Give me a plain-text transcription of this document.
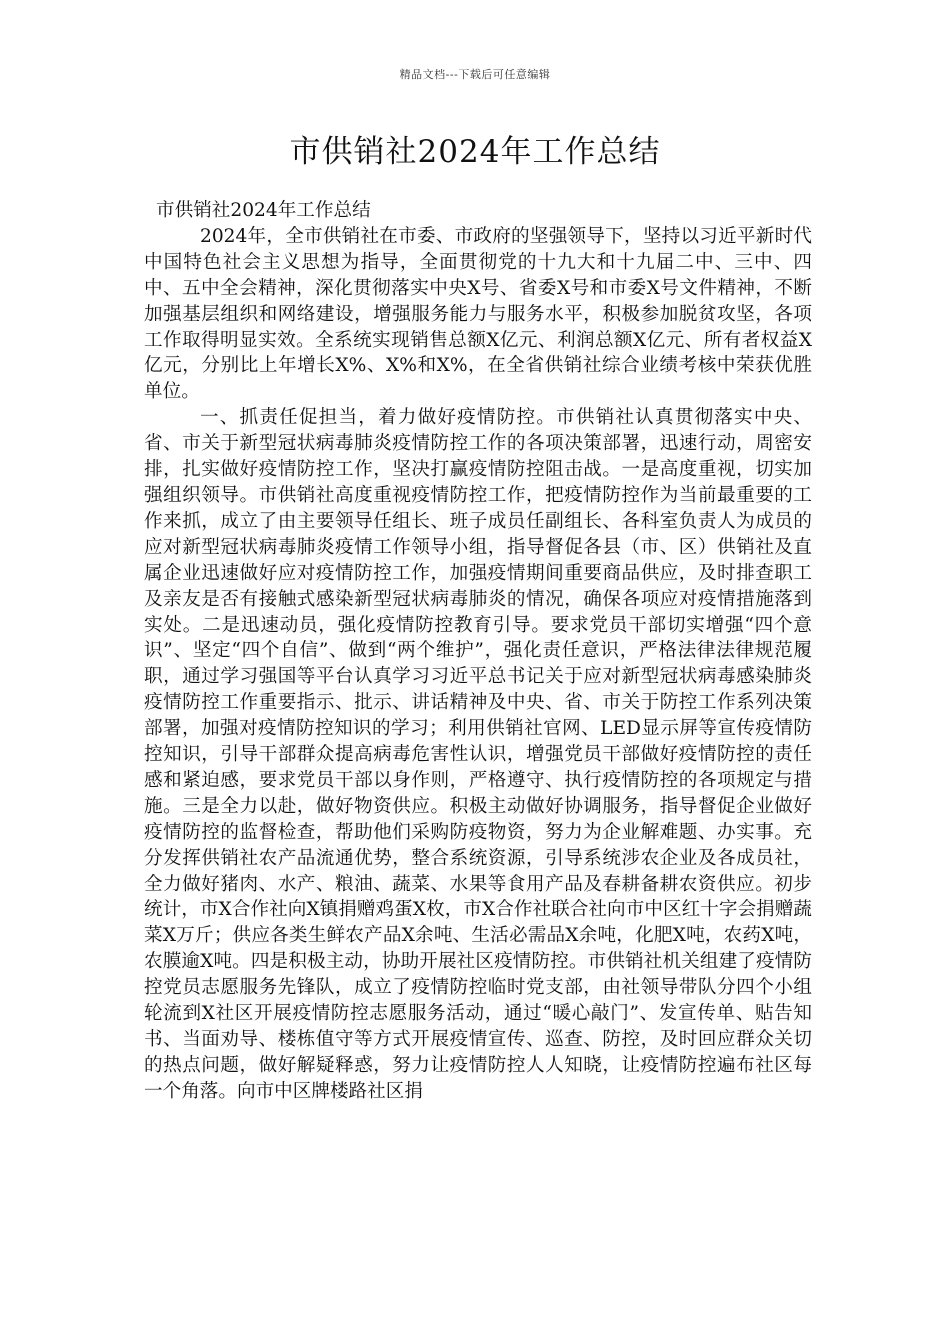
精品文档---下载后可任意编辑
市供销社2024年工作总结
市供销社2024年工作总结

2024年，全市供销社在市委、市政府的坚强领导下，坚持以习近平新时代中国特色社会主义思想为指导，全面贯彻党的十九大和十九届二中、三中、四中、五中全会精神，深化贯彻落实中央X号、省委X号和市委X号文件精神，不断加强基层组织和网络建设，增强服务能力与服务水平，积极参加脱贫攻坚，各项工作取得明显实效。全系统实现销售总额X亿元、利润总额X亿元、所有者权益X亿元，分别比上年增长X%、X%和X%，在全省供销社综合业绩考核中荣获优胜单位。

一、抓责任促担当，着力做好疫情防控。市供销社认真贯彻落实中央、省、市关于新型冠状病毒肺炎疫情防控工作的各项决策部署，迅速行动，周密安排，扎实做好疫情防控工作，坚决打赢疫情防控阻击战。一是高度重视，切实加强组织领导。市供销社高度重视疫情防控工作，把疫情防控作为当前最重要的工作来抓，成立了由主要领导任组长、班子成员任副组长、各科室负责人为成员的应对新型冠状病毒肺炎疫情工作领导小组，指导督促各县（市、区）供销社及直属企业迅速做好应对疫情防控工作，加强疫情期间重要商品供应，及时排查职工及亲友是否有接触式感染新型冠状病毒肺炎的情况，确保各项应对疫情措施落到实处。二是迅速动员，强化疫情防控教育引导。要求党员干部切实增强“四个意识”、坚定“四个自信”、做到“两个维护”，强化责任意识，严格法律法律规范履职，通过学习强国等平台认真学习习近平总书记关于应对新型冠状病毒感染肺炎疫情防控工作重要指示、批示、讲话精神及中央、省、市关于防控工作系列决策部署，加强对疫情防控知识的学习；利用供销社官网、LED显示屏等宣传疫情防控知识，引导干部群众提高病毒危害性认识，增强党员干部做好疫情防控的责任感和紧迫感，要求党员干部以身作则，严格遵守、执行疫情防控的各项规定与措施。三是全力以赴，做好物资供应。积极主动做好协调服务，指导督促企业做好疫情防控的监督检查，帮助他们采购防疫物资，努力为企业解难题、办实事。充分发挥供销社农产品流通优势，整合系统资源，引导系统涉农企业及各成员社，全力做好猪肉、水产、粮油、蔬菜、水果等食用产品及春耕备耕农资供应。初步统计，市X合作社向X镇捐赠鸡蛋X枚，市X合作社联合社向市中区红十字会捐赠蔬菜X万斤；供应各类生鲜农产品X余吨、生活必需品X余吨，化肥X吨，农药X吨，农膜逾X吨。四是积极主动，协助开展社区疫情防控。市供销社机关组建了疫情防控党员志愿服务先锋队，成立了疫情防控临时党支部，由社领导带队分四个小组轮流到X社区开展疫情防控志愿服务活动，通过“暖心敲门”、发宣传单、贴告知书、当面劝导、楼栋值守等方式开展疫情宣传、巡查、防控，及时回应群众关切的热点问题，做好解疑释惑，努力让疫情防控人人知晓，让疫情防控遍布社区每一个角落。向市中区牌楼路社区捐
